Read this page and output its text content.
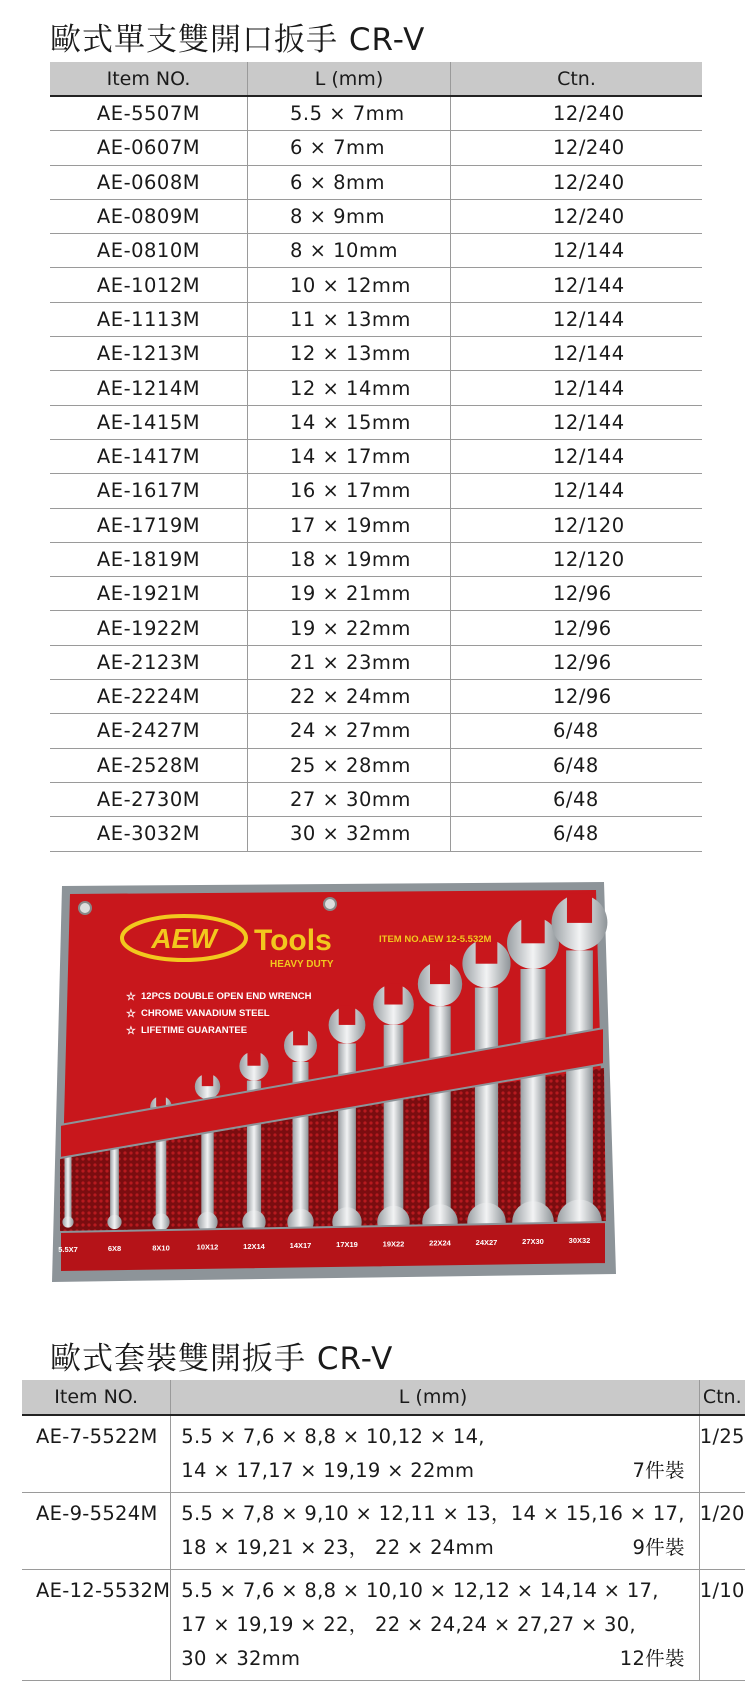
歐式單支雙開口扳手 CR-V
Item NO.	L (mm)	Ctn.
AE-5507M	5.5 × 7mm	12/240
AE-0607M	6 × 7mm	12/240
AE-0608M	6 × 8mm	12/240
AE-0809M	8 × 9mm	12/240
AE-0810M	8 × 10mm	12/144
AE-1012M	10 × 12mm	12/144
AE-1113M	11 × 13mm	12/144
AE-1213M	12 × 13mm	12/144
AE-1214M	12 × 14mm	12/144
AE-1415M	14 × 15mm	12/144
AE-1417M	14 × 17mm	12/144
AE-1617M	16 × 17mm	12/144
AE-1719M	17 × 19mm	12/120
AE-1819M	18 × 19mm	12/120
AE-1921M	19 × 21mm	12/96
AE-1922M	19 × 22mm	12/96
AE-2123M	21 × 23mm	12/96
AE-2224M	22 × 24mm	12/96
AE-2427M	24 × 27mm	6/48
AE-2528M	25 × 28mm	6/48
AE-2730M	27 × 30mm	6/48
AE-3032M	30 × 32mm	6/48
5.5X7	6X8	8X10	10X12	12X14	14X17	17X19	19X22	22X24	24X27	27X30	30X32
AEW Tools
HEAVY DUTY
ITEM NO.AEW 12-5.532M
☆ 12PCS DOUBLE OPEN END WRENCH
☆ CHROME VANADIUM STEEL
☆ LIFETIME GUARANTEE
歐式套裝雙開扳手 CR-V
Item NO.	L (mm)	Ctn.
AE-7-5522M	5.5 × 7,6 × 8,8 × 10,12 × 14,
14 × 17,17 × 19,19 × 22mm 7件裝	1/25
AE-9-5524M	5.5 × 7,8 × 9,10 × 12,11 × 13，14 × 15,16 × 17,
18 × 19,21 × 23， 22 × 24mm 9件裝	1/20
AE-12-5532M	5.5 × 7,6 × 8,8 × 10,10 × 12,12 × 14,14 × 17,
17 × 19,19 × 22， 22 × 24,24 × 27,27 × 30,
30 × 32mm 12件裝	1/10
